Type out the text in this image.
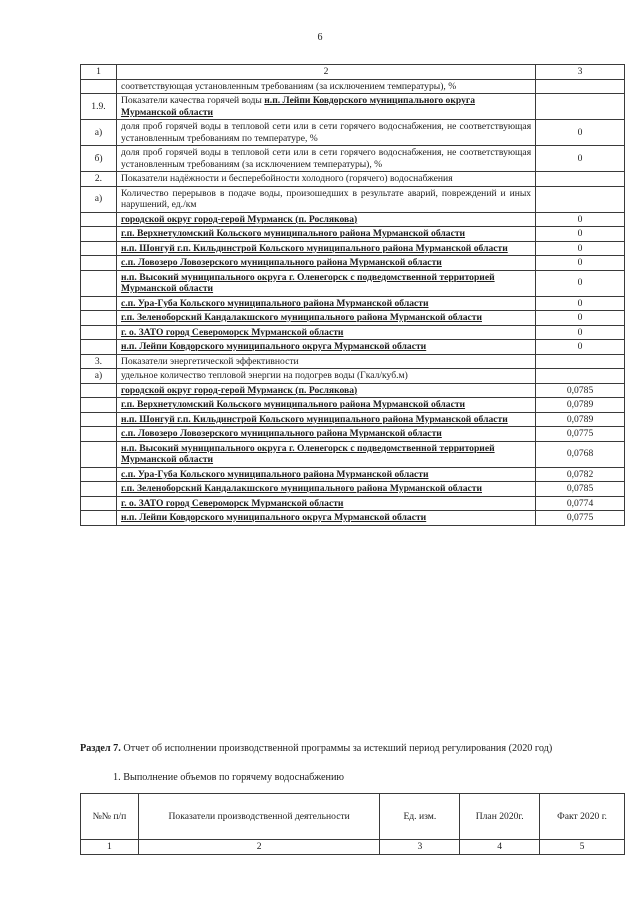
6
1	2	3
	соответствующая установленным требованиям (за исключением температуры), %	
1.9.	Показатели качества горячей воды н.п. Лейпи Ковдорского муниципального округа Мурманской области	
а)	доля проб горячей воды в тепловой сети или в сети горячего водоснабжения, не соответствующая установленным требованиям по температуре, %	0
б)	доля проб горячей воды в тепловой сети или в сети горячего водоснабжения, не соответствующая установленным требованиям (за исключением температуры), %	0
2.	Показатели надёжности и бесперебойности холодного (горячего) водоснабжения	
а)	Количество перерывов в подаче воды, произошедших в результате аварий, повреждений и иных нарушений, ед./км	
	городской округ город-герой Мурманск (п. Рослякова)	0
	г.п. Верхнетуломский Кольского муниципального района Мурманской области	0
	н.п. Шонгуй г.п. Кильдинстрой Кольского муниципального района Мурманской области	0
	с.п. Ловозеро Ловозерского муниципального района Мурманской области	0
	н.п. Высокий муниципального округа г. Оленегорск с подведомственной территорией Мурманской области	0
	с.п. Ура-Губа Кольского муниципального района Мурманской области	0
	г.п. Зеленоборский Кандалакшского муниципального района Мурманской области	0
	г. о. ЗАТО город Североморск Мурманской области	0
	н.п. Лейпи Ковдорского муниципального округа Мурманской области	0
3.	Показатели энергетической эффективности	
а)	удельное количество тепловой энергии на подогрев воды (Гкал/куб.м)	
	городской округ город-герой Мурманск (п. Рослякова)	0,0785
	г.п. Верхнетуломский Кольского муниципального района Мурманской области	0,0789
	н.п. Шонгуй г.п. Кильдинстрой Кольского муниципального района Мурманской области	0,0789
	с.п. Ловозеро Ловозерского муниципального района Мурманской области	0,0775
	н.п. Высокий муниципального округа г. Оленегорск с подведомственной территорией Мурманской области	0,0768
	с.п. Ура-Губа Кольского муниципального района Мурманской области	0,0782
	г.п. Зеленоборский Кандалакшского муниципального района Мурманской области	0,0785
	г. о. ЗАТО город Североморск Мурманской области	0,0774
	н.п. Лейпи Ковдорского муниципального округа Мурманской области	0,0775
Раздел 7. Отчет об исполнении производственной программы за истекший период регулирования (2020 год)
1. Выполнение объемов по горячему водоснабжению
№№ п/п	Показатели производственной деятельности	Ед. изм.	План 2020г.	Факт 2020 г.
1	2	3	4	5
